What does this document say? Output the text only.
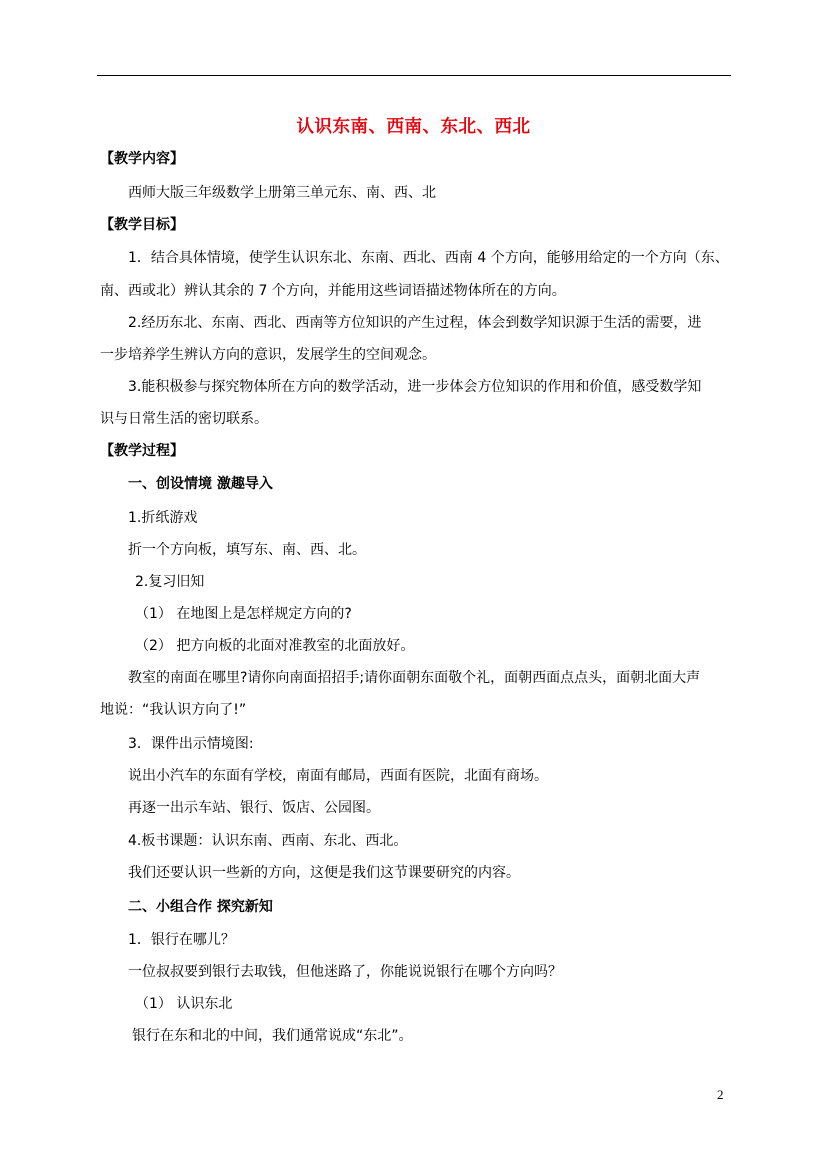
认识东南、西南、东北、西北
【教学内容】
西师大版三年级数学上册第三单元东、南、西、北
【教学目标】
1．结合具体情境，使学生认识东北、东南、西北、西南 4 个方向，能够用给定的一个方向（东、
南、西或北）辨认其余的 7 个方向，并能用这些词语描述物体所在的方向。
2.经历东北、东南、西北、西南等方位知识的产生过程，体会到数学知识源于生活的需要，进
一步培养学生辨认方向的意识，发展学生的空间观念。
3.能积极参与探究物体所在方向的数学活动，进一步体会方位知识的作用和价值，感受数学知
识与日常生活的密切联系。
【教学过程】
一、创设情境 激趣导入
1.折纸游戏
折一个方向板，填写东、南、西、北。
2.复习旧知
（1） 在地图上是怎样规定方向的?
（2） 把方向板的北面对准教室的北面放好。
教室的南面在哪里?请你向南面招招手;请你面朝东面敬个礼，面朝西面点点头，面朝北面大声
地说：“我认识方向了!”
3．课件出示情境图:
说出小汽车的东面有学校，南面有邮局，西面有医院，北面有商场。
再逐一出示车站、银行、饭店、公园图。
4.板书课题：认识东南、西南、东北、西北。
我们还要认识一些新的方向，这便是我们这节课要研究的内容。
二、小组合作 探究新知
1．银行在哪儿？
一位叔叔要到银行去取钱，但他迷路了，你能说说银行在哪个方向吗？
（1） 认识东北
银行在东和北的中间，我们通常说成“东北”。
2
